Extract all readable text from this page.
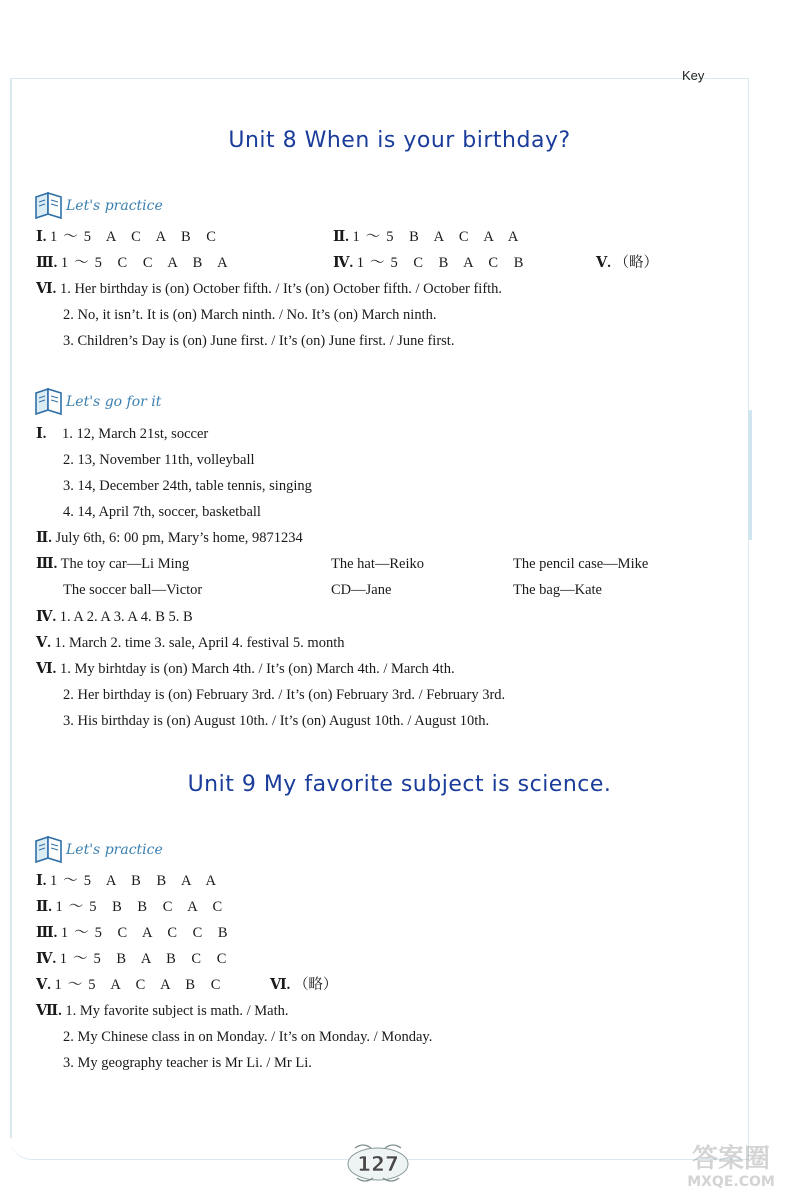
Key
Unit 8 When is your birthday?
Let's practice
Ⅰ. 1～5 A C A B C	Ⅱ. 1～5 B A C A A
Ⅲ. 1～5 C C A B A	Ⅳ. 1～5 C B A C B	Ⅴ. （略）
Ⅵ. 1. Her birthday is (on) October fifth. / It’s (on) October fifth. / October fifth.
2. No, it isn’t. It is (on) March ninth. / No. It’s (on) March ninth.
3. Children’s Day is (on) June first. / It’s (on) June first. / June first.
Let's go for it
Ⅰ. 1. 12, March 21st, soccer
2. 13, November 11th, volleyball
3. 14, December 24th, table tennis, singing
4. 14, April 7th, soccer, basketball
Ⅱ. July 6th, 6: 00 pm, Mary’s home, 9871234
Ⅲ. The toy car—Li Ming	The hat—Reiko	The pencil case—Mike
The soccer ball—Victor	CD—Jane	The bag—Kate
Ⅳ. 1. A 2. A 3. A 4. B 5. B
Ⅴ. 1. March 2. time 3. sale, April 4. festival 5. month
Ⅵ. 1. My birhtday is (on) March 4th. / It’s (on) March 4th. / March 4th.
2. Her birthday is (on) February 3rd. / It’s (on) February 3rd. / February 3rd.
3. His birthday is (on) August 10th. / It’s (on) August 10th. / August 10th.
Unit 9 My favorite subject is science.
Let's practice
Ⅰ. 1～5 A B B A A
Ⅱ. 1～5 B B C A C
Ⅲ. 1～5 C A C C B
Ⅳ. 1～5 B A B C C
Ⅴ. 1～5 A C A B C	Ⅵ. （略）
Ⅶ. 1. My favorite subject is math. / Math.
2. My Chinese class in on Monday. / It’s on Monday. / Monday.
3. My geography teacher is Mr Li. / Mr Li.
127	答案圈
MXQE.COM
